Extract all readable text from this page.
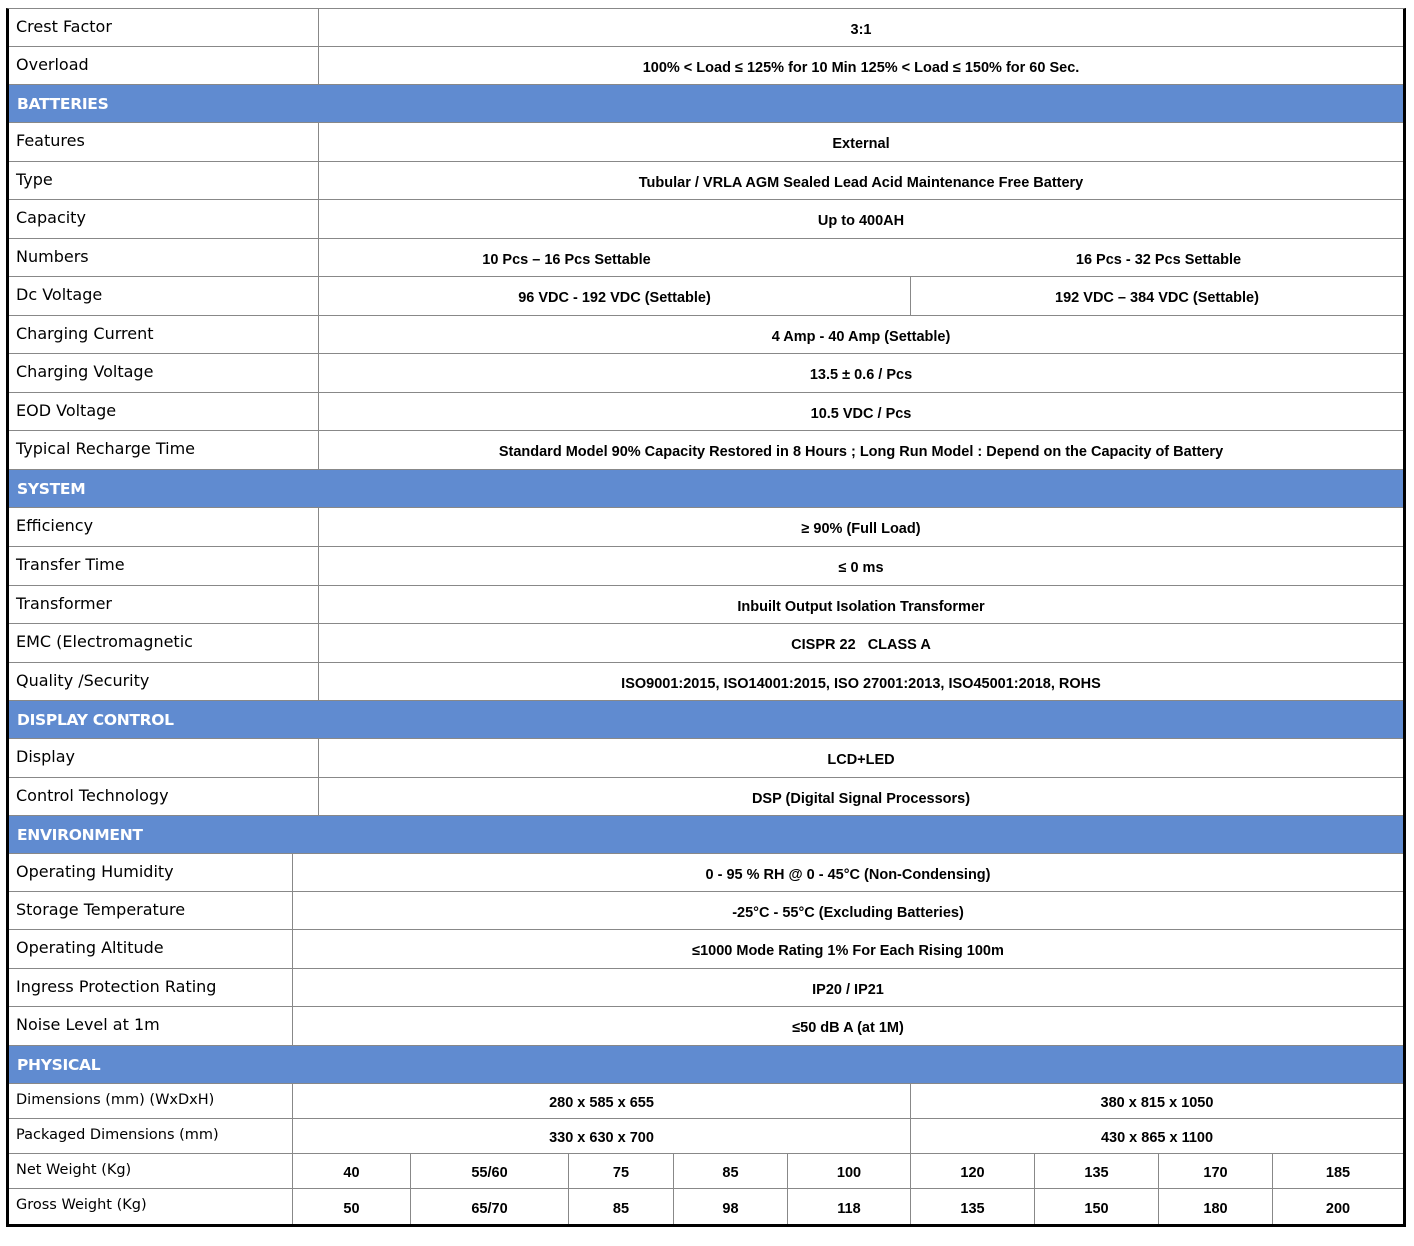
Crest Factor	3:1
Overload	100% < Load ≤ 125% for 10 Min 125% < Load ≤ 150% for 60 Sec.
BATTERIES
Features	External
Type	Tubular / VRLA AGM Sealed Lead Acid Maintenance Free Battery
Capacity	Up to 400AH
Numbers	10 Pcs – 16 Pcs Settable	16 Pcs - 32 Pcs Settable
Dc Voltage	96 VDC - 192 VDC (Settable)	192 VDC – 384 VDC (Settable)
Charging Current	4 Amp - 40 Amp (Settable)
Charging Voltage	13.5 ± 0.6 / Pcs
EOD Voltage	10.5 VDC / Pcs
Typical Recharge Time	Standard Model 90% Capacity Restored in 8 Hours ; Long Run Model : Depend on the Capacity of Battery
SYSTEM
Efficiency	≥ 90% (Full Load)
Transfer Time	≤ 0 ms
Transformer	Inbuilt Output Isolation Transformer
EMC (Electromagnetic	CISPR 22   CLASS A
Quality /Security	ISO9001:2015, ISO14001:2015, ISO 27001:2013, ISO45001:2018, ROHS
DISPLAY CONTROL
Display	LCD+LED
Control Technology	DSP (Digital Signal Processors)
ENVIRONMENT
Operating Humidity	0 - 95 % RH @ 0 - 45°C (Non-Condensing)
Storage Temperature	-25°C - 55°C (Excluding Batteries)
Operating Altitude	≤1000 Mode Rating 1% For Each Rising 100m
Ingress Protection Rating	IP20 / IP21
Noise Level at 1m	≤50 dB A (at 1M)
PHYSICAL
Dimensions (mm) (WxDxH)	280 x 585 x 655	380 x 815 x 1050
Packaged Dimensions (mm)	330 x 630 x 700	430 x 865 x 1100
Net Weight (Kg)	40	55/60	75	85	100	120	135	170	185
Gross Weight (Kg)	50	65/70	85	98	118	135	150	180	200
